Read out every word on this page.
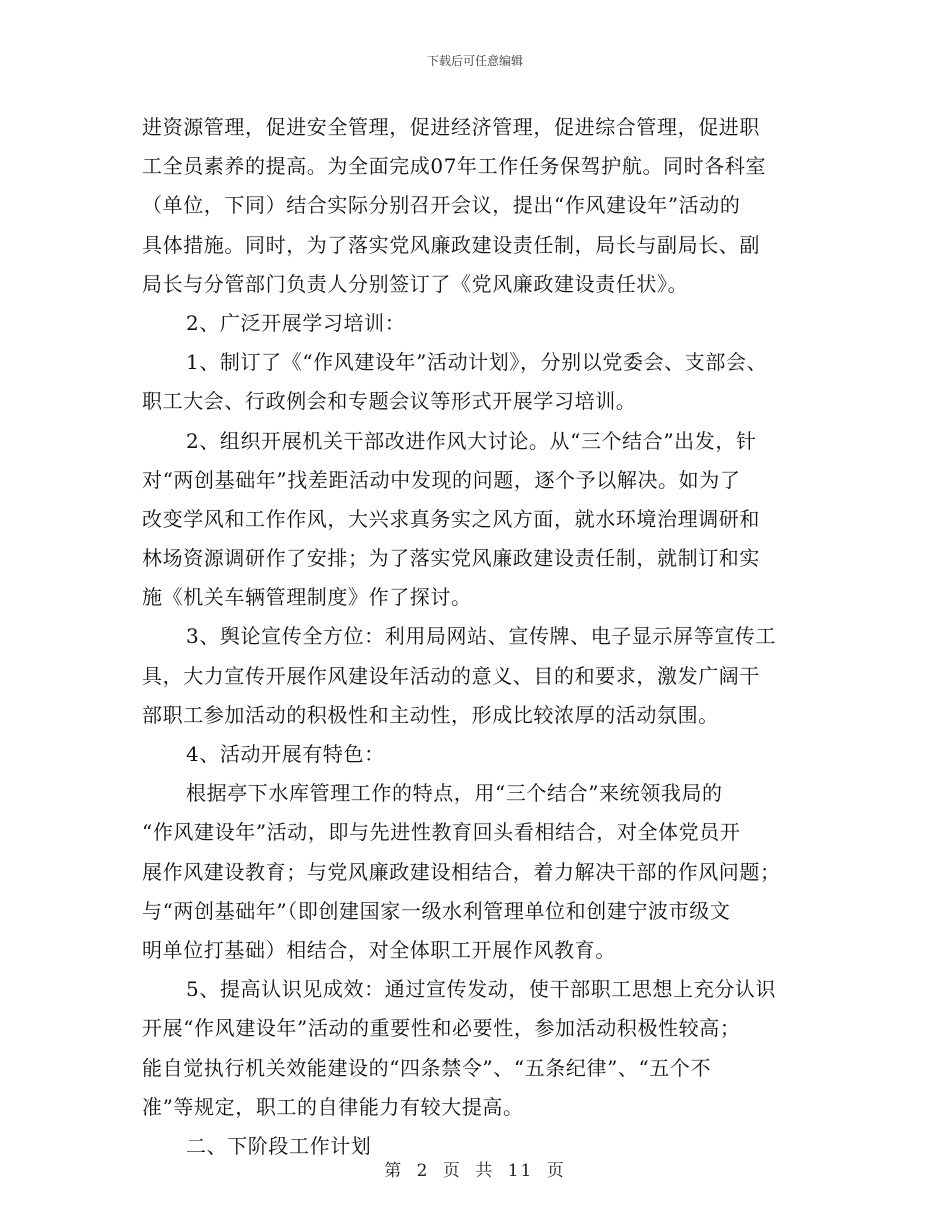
下载后可任意编辑
进资源管理，促进安全管理，促进经济管理，促进综合管理，促进职
工全员素养的提高。为全面完成07年工作任务保驾护航。同时各科室
（单位，下同）结合实际分别召开会议，提出“作风建设年”活动的
具体措施。同时，为了落实党风廉政建设责任制，局长与副局长、副
局长与分管部门负责人分别签订了《党风廉政建设责任状》。
2、广泛开展学习培训：
1、制订了《“作风建设年”活动计划》，分别以党委会、支部会、
职工大会、行政例会和专题会议等形式开展学习培训。
2、组织开展机关干部改进作风大讨论。从“三个结合”出发，针
对“两创基础年”找差距活动中发现的问题，逐个予以解决。如为了
改变学风和工作作风，大兴求真务实之风方面，就水环境治理调研和
林场资源调研作了安排；为了落实党风廉政建设责任制，就制订和实
施《机关车辆管理制度》作了探讨。
3、舆论宣传全方位：利用局网站、宣传牌、电子显示屏等宣传工
具，大力宣传开展作风建设年活动的意义、目的和要求，激发广阔干
部职工参加活动的积极性和主动性，形成比较浓厚的活动氛围。
4、活动开展有特色：
根据亭下水库管理工作的特点，用“三个结合”来统领我局的
“作风建设年”活动，即与先进性教育回头看相结合，对全体党员开
展作风建设教育；与党风廉政建设相结合，着力解决干部的作风问题；
与“两创基础年”（即创建国家一级水利管理单位和创建宁波市级文
明单位打基础）相结合，对全体职工开展作风教育。
5、提高认识见成效：通过宣传发动，使干部职工思想上充分认识
开展“作风建设年”活动的重要性和必要性，参加活动积极性较高；
能自觉执行机关效能建设的“四条禁令”、“五条纪律”、“五个不
准”等规定，职工的自律能力有较大提高。
二、下阶段工作计划
第 2 页 共 11 页
